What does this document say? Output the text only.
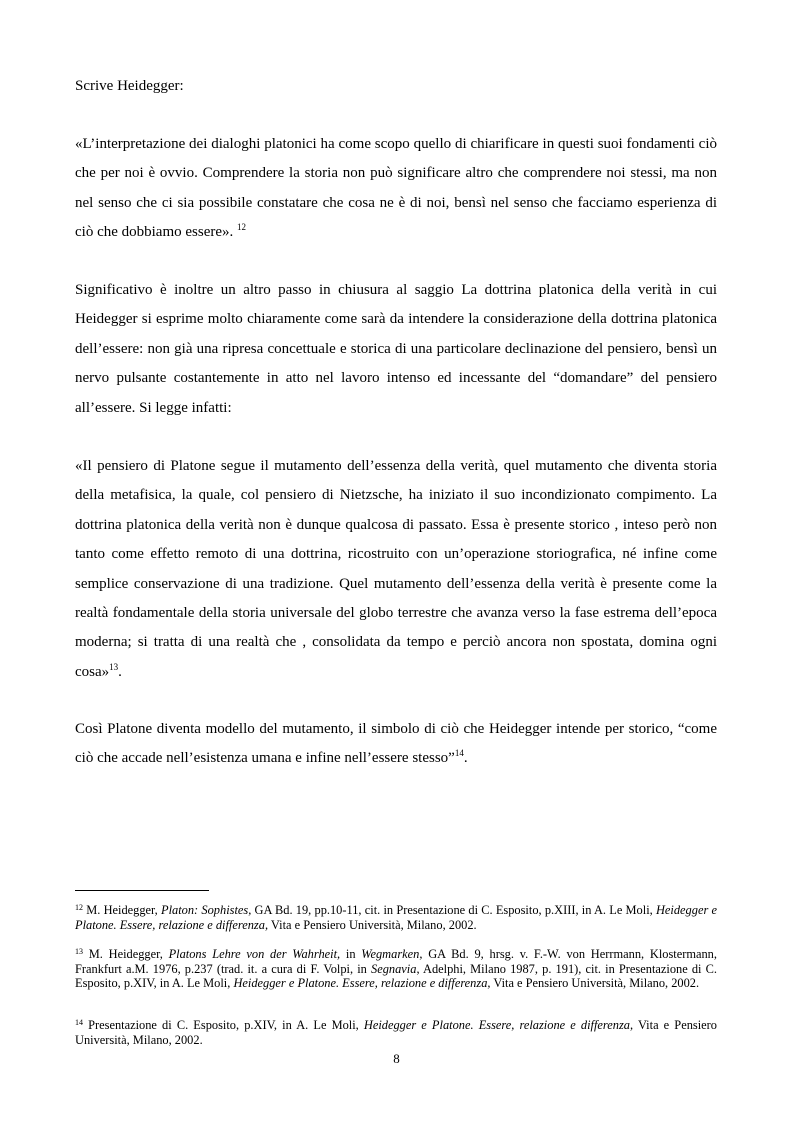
Scrive Heidegger:

«L’interpretazione dei dialoghi platonici ha come scopo quello di chiarificare in questi suoi fondamenti ciò che per noi è ovvio. Comprendere la storia non può significare altro che comprendere noi stessi, ma non nel senso che ci sia possibile constatare che cosa ne è di noi, bensì nel senso che facciamo esperienza di ciò che dobbiamo essere». $^{12}$

Significativo è inoltre un altro passo in chiusura al saggio La dottrina platonica della verità in cui Heidegger si esprime molto chiaramente come sarà da intendere la considerazione della dottrina platonica dell’essere: non già una ripresa concettuale e storica di una particolare declinazione del pensiero, bensì un nervo pulsante costantemente in atto nel lavoro intenso ed incessante del “domandare” del pensiero all’essere. Si legge infatti:

«Il pensiero di Platone segue il mutamento dell’essenza della verità, quel mutamento che diventa storia della metafisica, la quale, col pensiero di Nietzsche, ha iniziato il suo incondizionato compimento. La dottrina platonica della verità non è dunque qualcosa di passato. Essa è presente storico , inteso però non tanto come effetto remoto di una dottrina, ricostruito con un’operazione storiografica, né infine come semplice conservazione di una tradizione. Quel mutamento dell’essenza della verità è presente come la realtà fondamentale della storia universale del globo terrestre che avanza verso la fase estrema dell’epoca moderna; si tratta di una realtà che , consolidata da tempo e perciò ancora non spostata, domina ogni cosa»$^{13}$.

Così Platone diventa modello del mutamento, il simbolo di ciò che Heidegger intende per storico, “come ciò che accade nell’esistenza umana e infine nell’essere stesso”$^{14}$.

$^{12}$ M. Heidegger, Platon: Sophistes, GA Bd. 19, pp.10-11, cit. in Presentazione di C. Esposito, p.XIII, in A. Le Moli, Heidegger e Platone. Essere, relazione e differenza, Vita e Pensiero Università, Milano, 2002.

$^{13}$ M. Heidegger, Platons Lehre von der Wahrheit, in Wegmarken, GA Bd. 9, hrsg. v. F.-W. von Herrmann, Klostermann, Frankfurt a.M. 1976, p.237 (trad. it. a cura di F. Volpi, in Segnavia, Adelphi, Milano 1987, p. 191), cit. in Presentazione di C. Esposito, p.XIV, in A. Le Moli, Heidegger e Platone. Essere, relazione e differenza, Vita e Pensiero Università, Milano, 2002.

$^{14}$ Presentazione di C. Esposito, p.XIV, in A. Le Moli, Heidegger e Platone. Essere, relazione e differenza, Vita e Pensiero Università, Milano, 2002.

8
